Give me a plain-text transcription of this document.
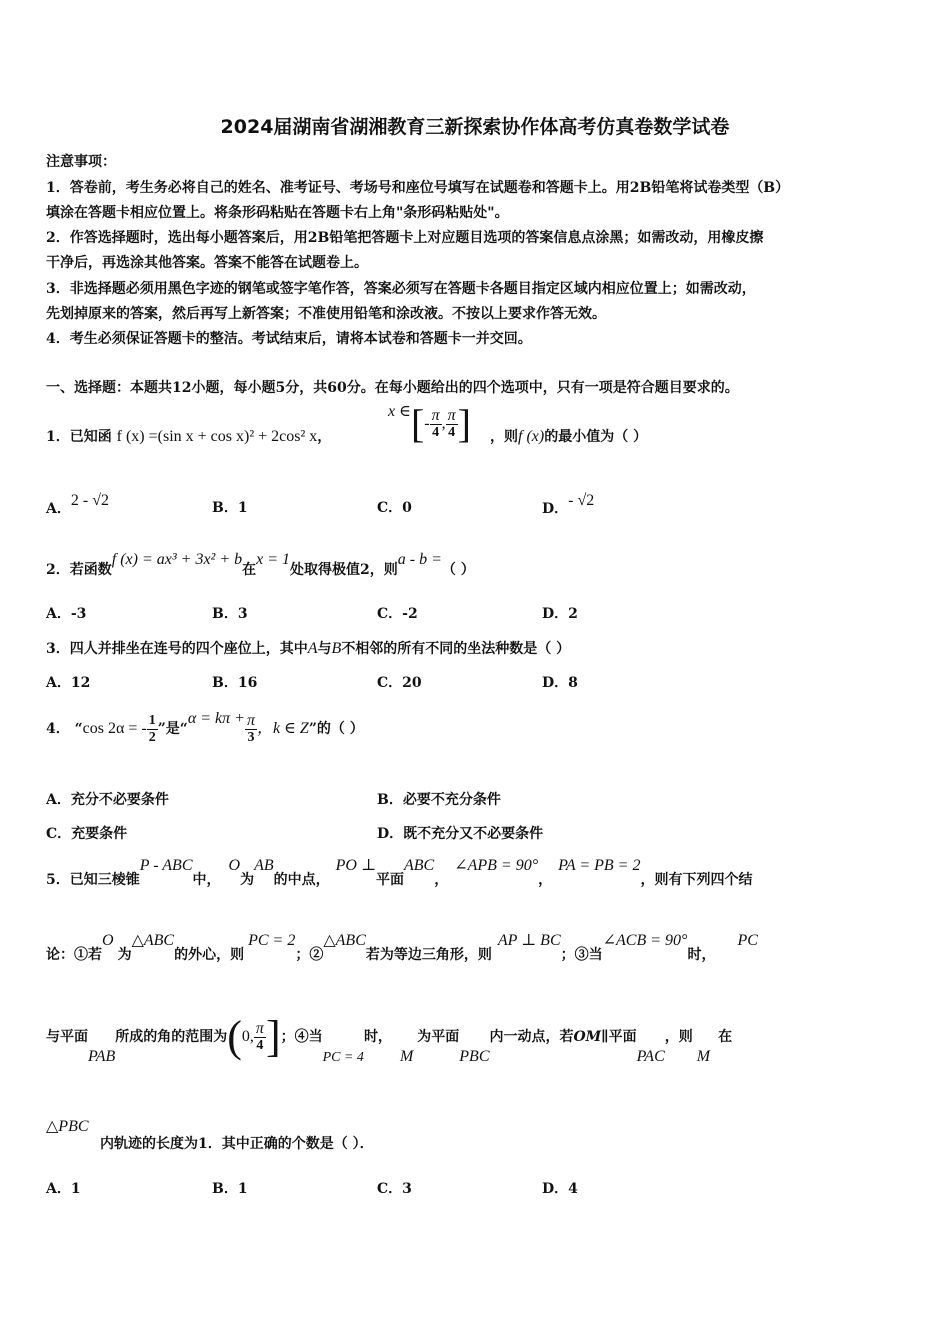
2024届湖南省湖湘教育三新探索协作体高考仿真卷数学试卷
注意事项：
1．答卷前，考生务必将自己的姓名、准考证号、考场号和座位号填写在试题卷和答题卡上。用2B铅笔将试卷类型（B）
填涂在答题卡相应位置上。将条形码粘贴在答题卡右上角"条形码粘贴处"。
2．作答选择题时，选出每小题答案后，用2B铅笔把答题卡上对应题目选项的答案信息点涂黑；如需改动，用橡皮擦
干净后，再选涂其他答案。答案不能答在试题卷上。
3．非选择题必须用黑色字迹的钢笔或签字笔作答，答案必须写在答题卡各题目指定区域内相应位置上；如需改动，
先划掉原来的答案，然后再写上新答案；不准使用铅笔和涂改液。不按以上要求作答无效。
4．考生必须保证答题卡的整洁。考试结束后，请将本试卷和答题卡一并交回。
一、选择题：本题共12小题，每小题5分，共60分。在每小题给出的四个选项中，只有一项是符合题目要求的。
1．已知函 f (x) =(sin x + cos x)² + 2cos² x，
x ∈[- $\frac{\pi}{4}$ , $\frac{\pi}{4}$ ] ，则f (x)的最小值为（ ）
A．2 - √2	B．1	C．0	D．- √2
2．若函数f (x) = ax³ + 3x² + b在x = 1处取得极值2，则a - b =（ ）
A．-3	B．3	C．-2	D．2
3．四人并排坐在连号的四个座位上，其中A与B不相邻的所有不同的坐法种数是（ ）
A．12	B．16	C．20	D．8
4． “cos 2α = - $\frac{1}{2}$ ”是“$\alpha = k\pi + \frac{\pi}{3}$ ，k ∈ Z”的（ ）
A．充分不必要条件	B．必要不充分条件
C．充要条件	D．既不充分又不必要条件
5．已知三棱锥P - ABC中，O为AB的中点，PO ⊥平面ABC，∠APB = 90°，PA = PB = 2，则有下列四个结
论：①若O为△ABC的外心，则PC = 2；②△ABC若为等边三角形，则AP ⊥ BC；③当∠ACB = 90°时，PC
与平面PAB所成的角的范围为(0, $\frac{\pi}{4}$ ]；④当PC = 4时，M为平面PBC内一动点，若OM∥平面PAC，则M在
△PBC
内轨迹的长度为1．其中正确的个数是（ ）．
A．1	B．1	C．3	D．4
